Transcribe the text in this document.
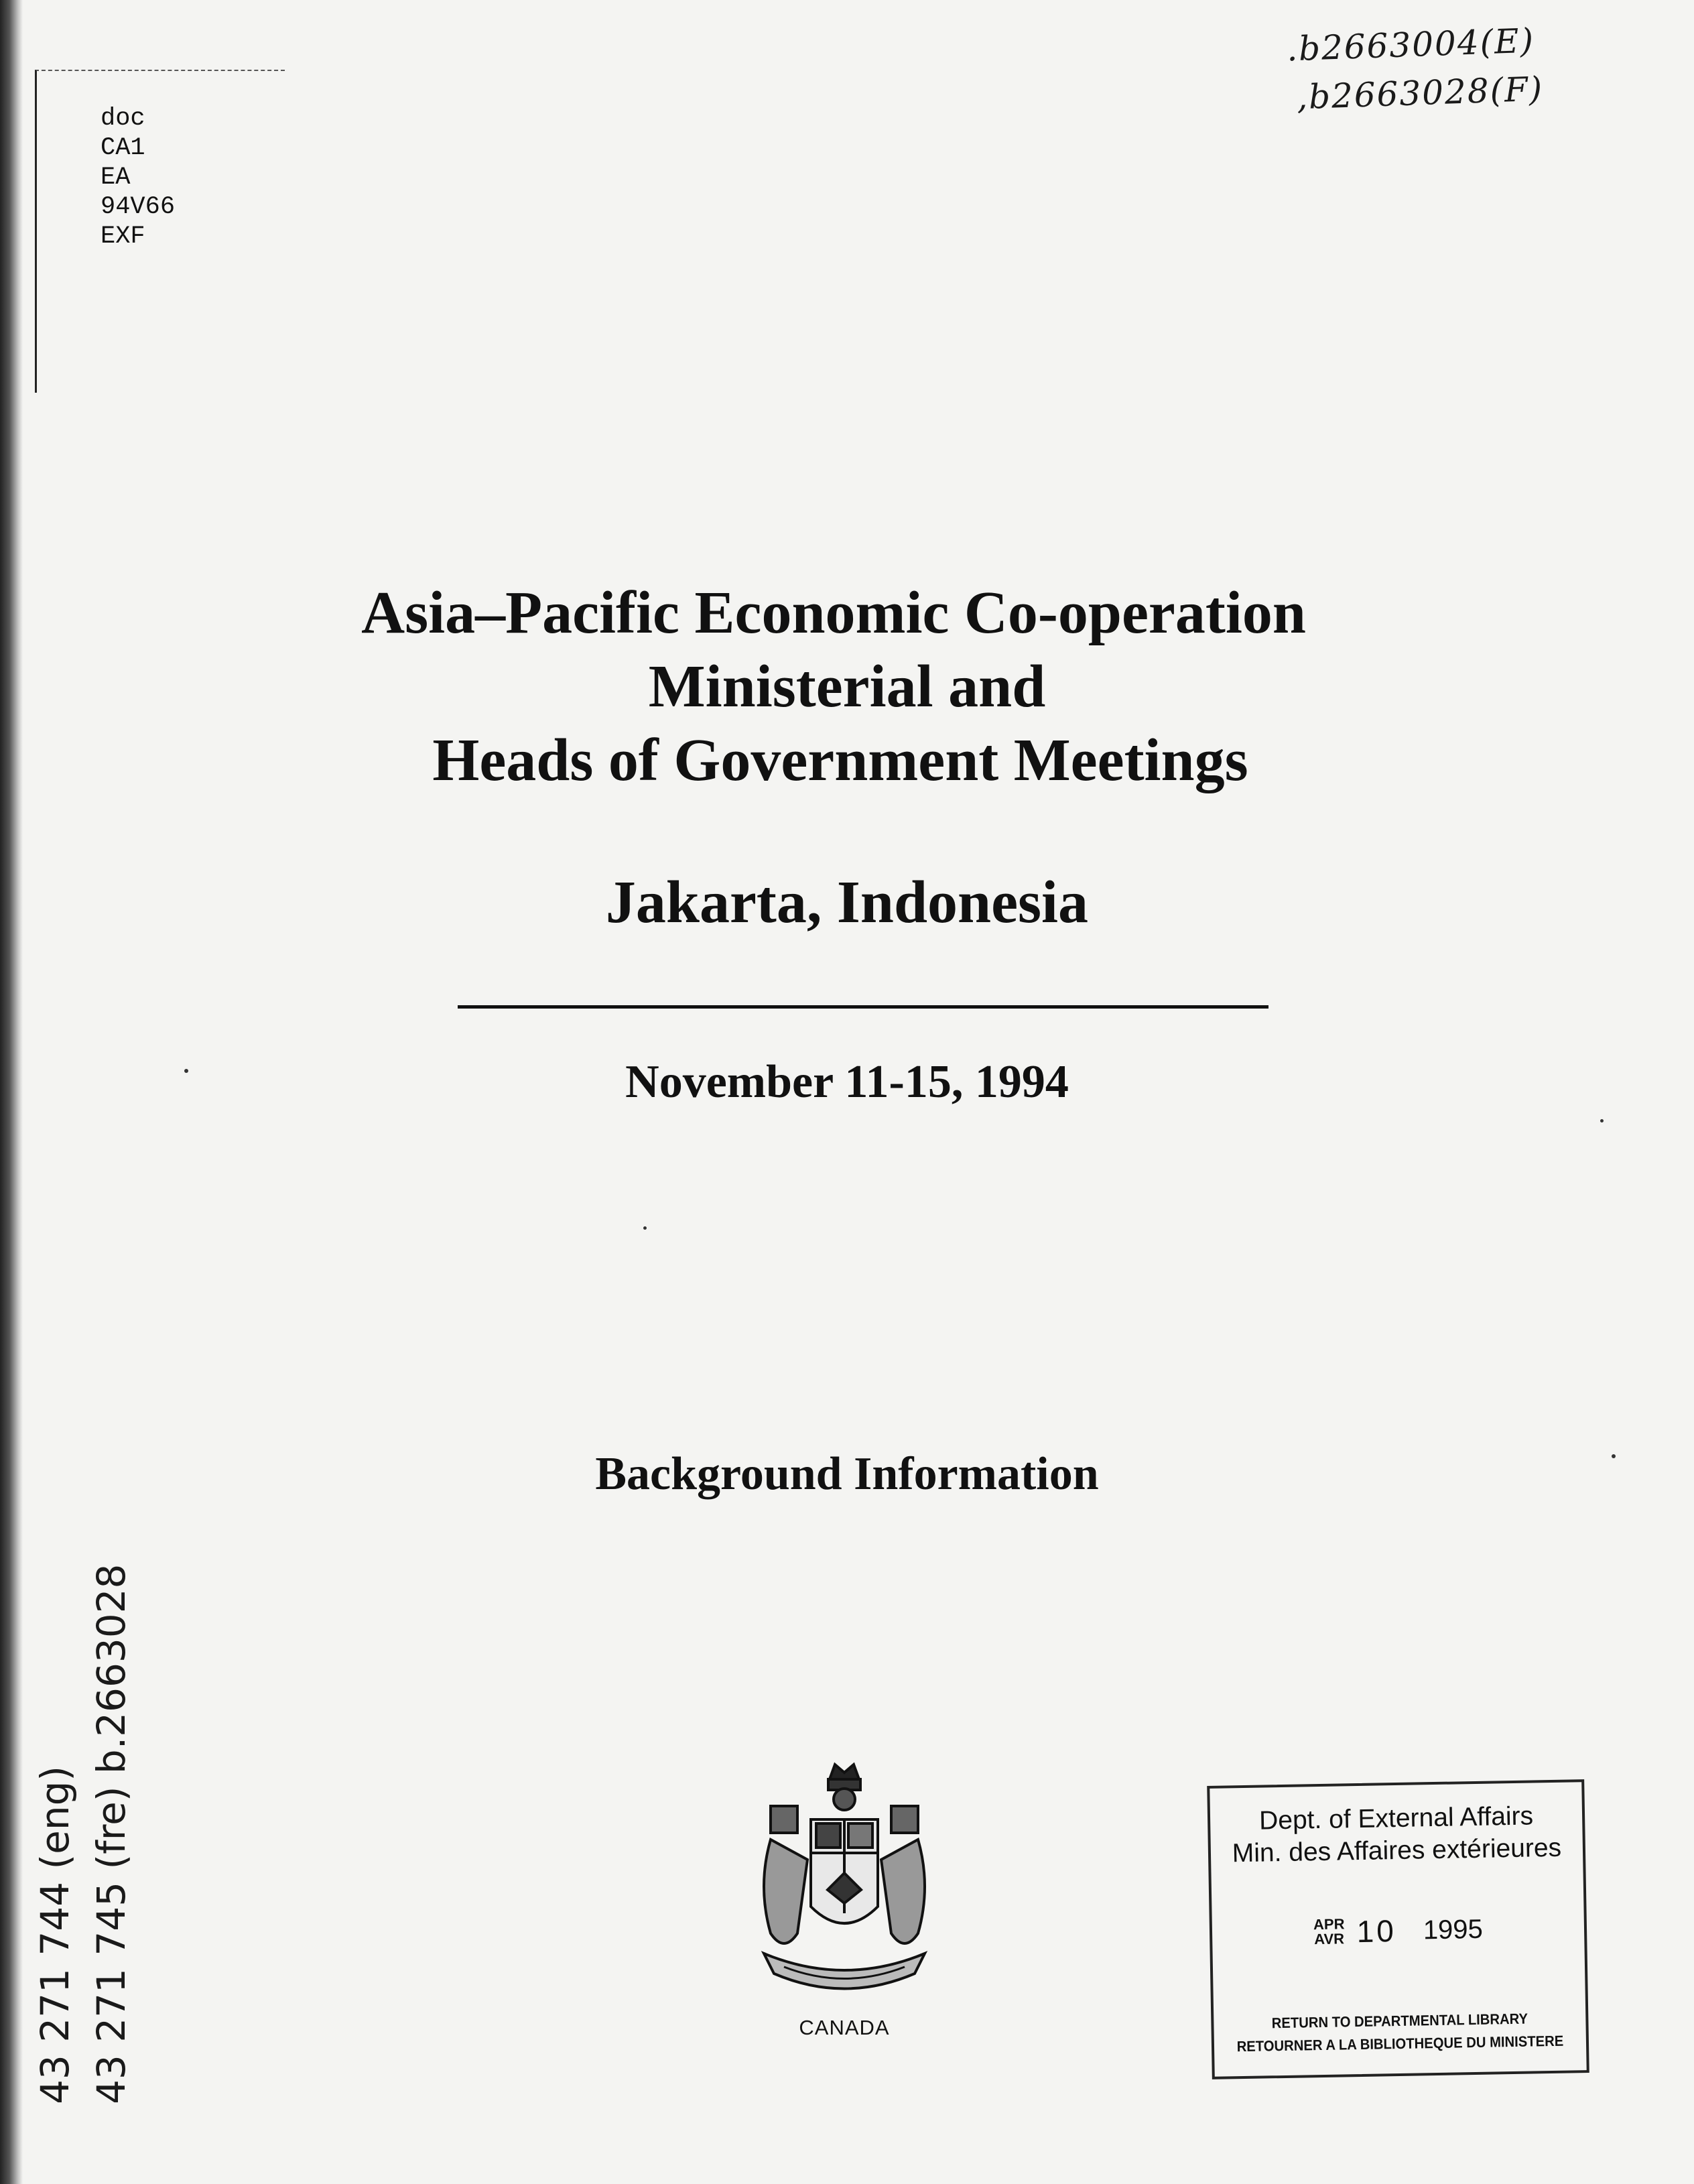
doc
CA1
EA
94V66
EXF
.b2663004(E)
,b2663028(F)
Asia–Pacific Economic Co-operation
Ministerial and
Heads of Government Meetings
Jakarta, Indonesia
November 11-15, 1994
Background Information
CANADA
Dept. of External Affairs
Min. des Affaires extérieures
APR
AVR 10 1995
RETURN TO DEPARTMENTAL LIBRARY
RETOURNER A LA BIBLIOTHEQUE DU MINISTERE
43 271 744 (eng) 43 271 745 (fre) b.2663028
